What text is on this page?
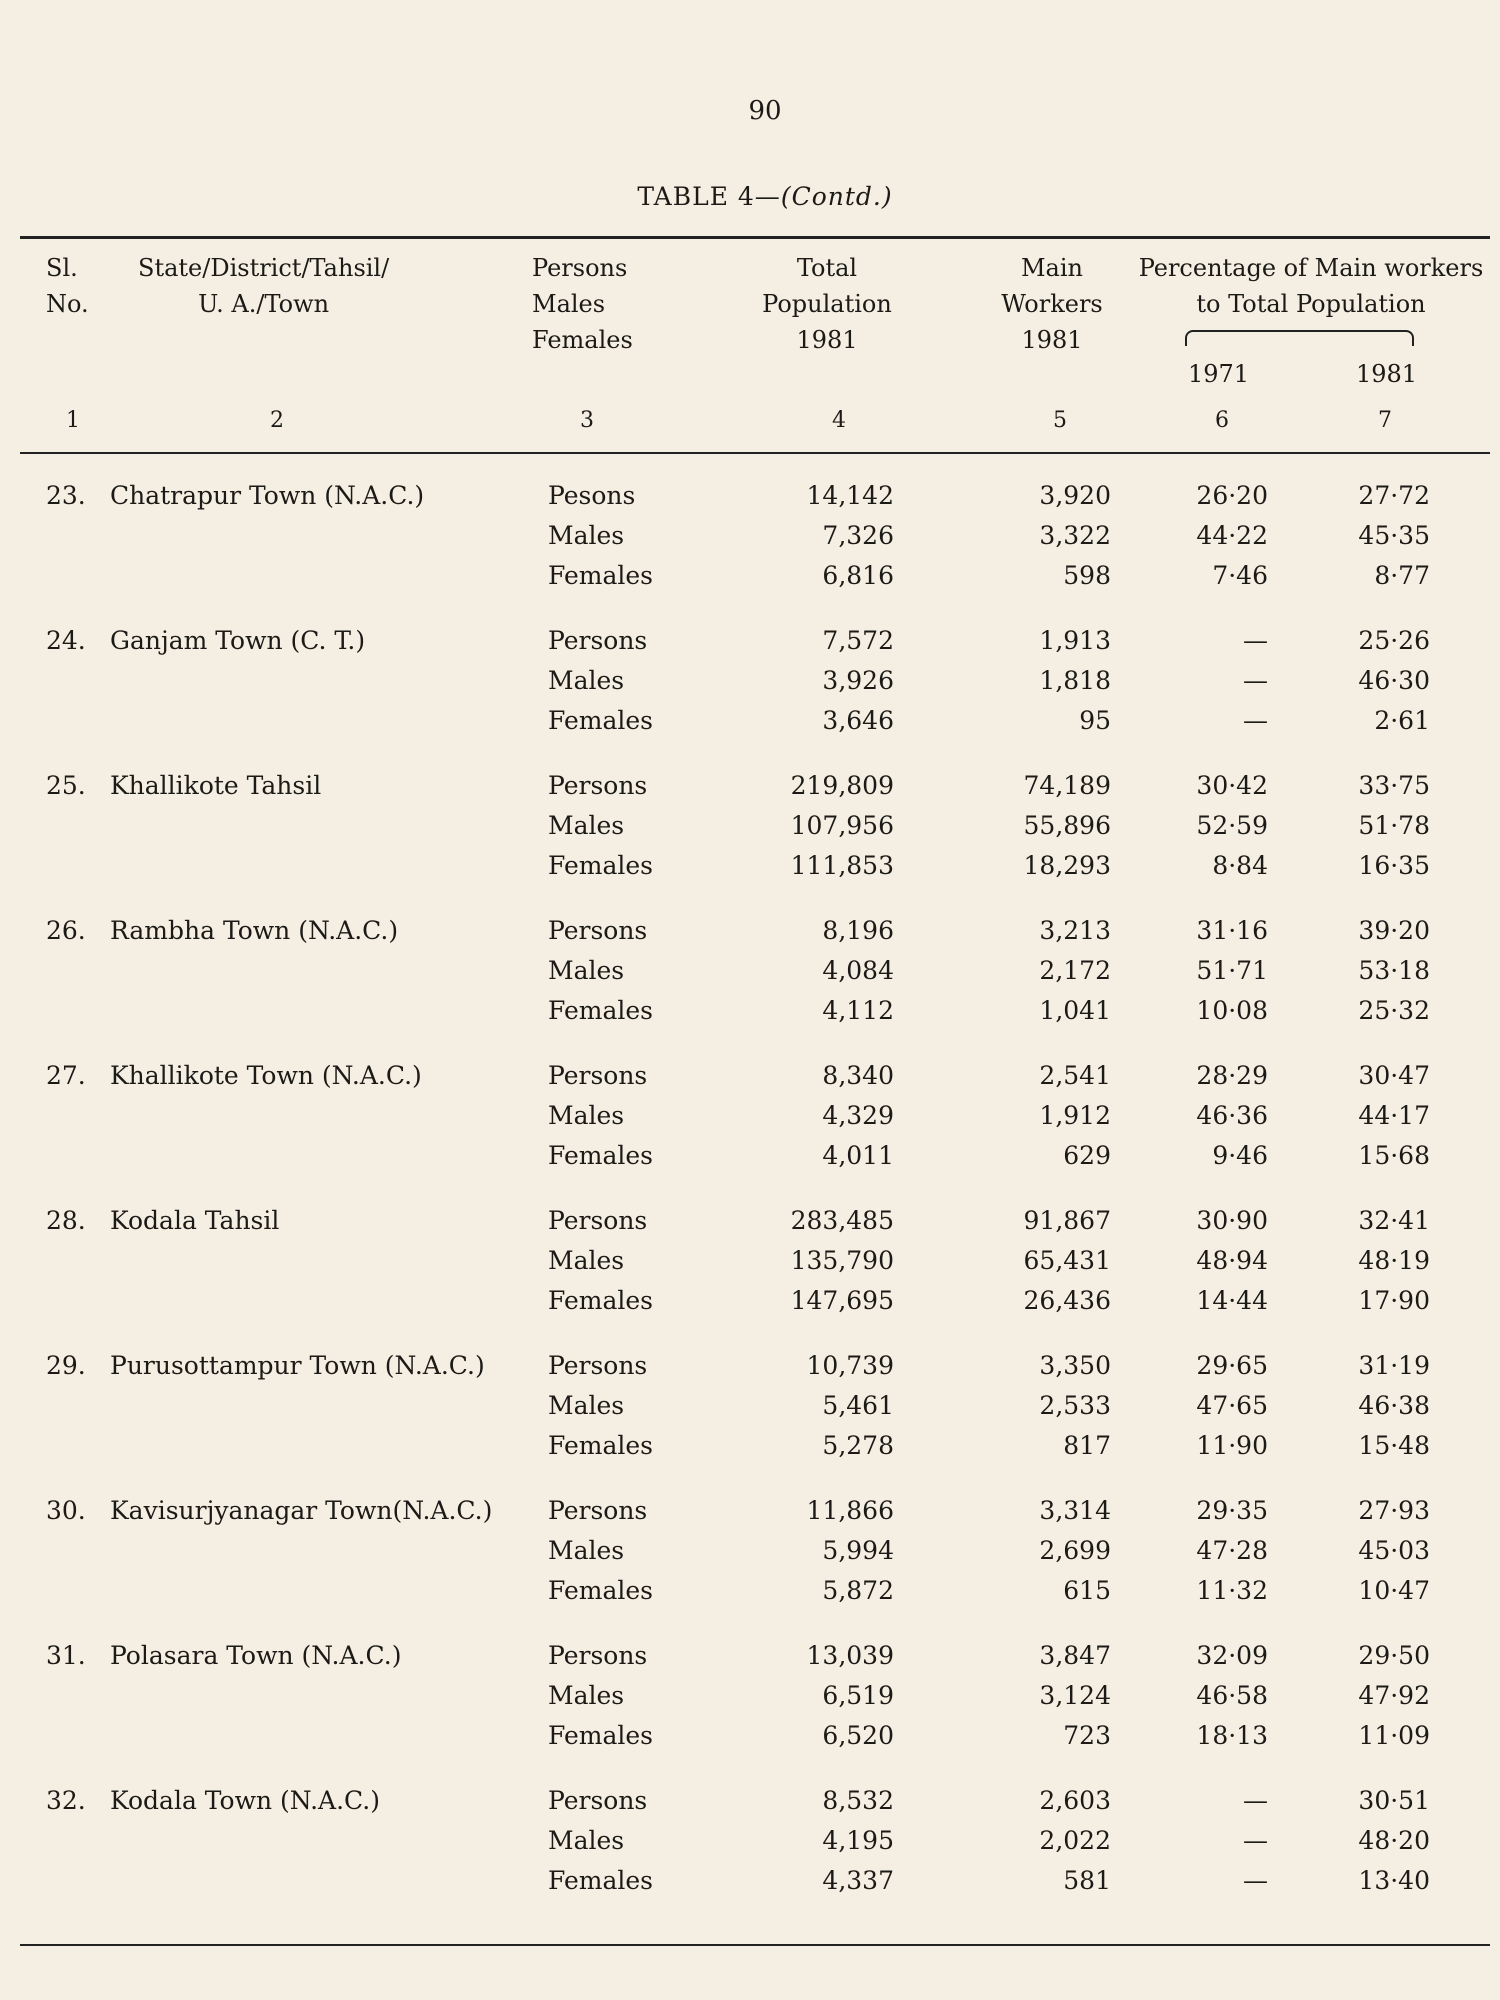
90
TABLE 4—(Contd.)
Sl.
No.
State/District/Tahsil/
U. A./Town
Persons
Males
Females
Total
Population
1981
Main
Workers
1981
Percentage of Main workers
to Total Population
1971	1981
1	2	3	4	5	6	7
23. Chatrapur Town (N.A.C.)	Pesons	14,142	3,920	26·20	27·72
Males	7,326	3,322	44·22	45·35
Females	6,816	598	7·46	8·77
24. Ganjam Town (C. T.)	Persons	7,572	1,913	—	25·26
Males	3,926	1,818	—	46·30
Females	3,646	95	—	2·61
25. Khallikote Tahsil	Persons	219,809	74,189	30·42	33·75
Males	107,956	55,896	52·59	51·78
Females	111,853	18,293	8·84	16·35
26. Rambha Town (N.A.C.)	Persons	8,196	3,213	31·16	39·20
Males	4,084	2,172	51·71	53·18
Females	4,112	1,041	10·08	25·32
27. Khallikote Town (N.A.C.)	Persons	8,340	2,541	28·29	30·47
Males	4,329	1,912	46·36	44·17
Females	4,011	629	9·46	15·68
28. Kodala Tahsil	Persons	283,485	91,867	30·90	32·41
Males	135,790	65,431	48·94	48·19
Females	147,695	26,436	14·44	17·90
29. Purusottampur Town (N.A.C.)	Persons	10,739	3,350	29·65	31·19
Males	5,461	2,533	47·65	46·38
Females	5,278	817	11·90	15·48
30. Kavisurjyanagar Town(N.A.C.) Persons	11,866	3,314	29·35	27·93
Males	5,994	2,699	47·28	45·03
Females	5,872	615	11·32	10·47
31. Polasara Town (N.A.C.)	Persons	13,039	3,847	32·09	29·50
Males	6,519	3,124	46·58	47·92
Females	6,520	723	18·13	11·09
32. Kodala Town (N.A.C.)	Persons	8,532	2,603	—	30·51
Males	4,195	2,022	—	48·20
Females	4,337	581	—	13·40
